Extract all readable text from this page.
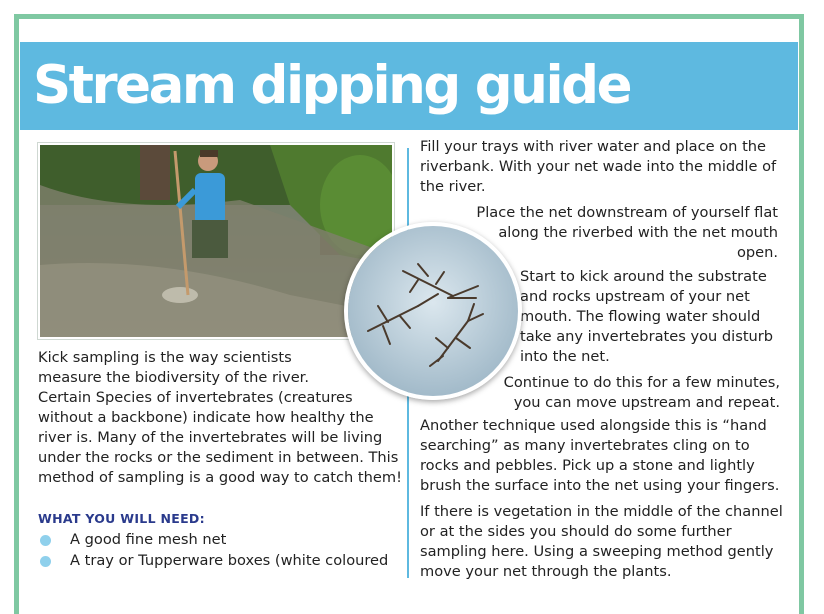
Stream dipping guide

Kick sampling is the way scientists
measure the biodiversity of the river.
Certain Species of invertebrates (creatures
without a backbone) indicate how healthy the
river is. Many of the invertebrates will be living
under the rocks or the sediment in between. This
method of sampling is a good way to catch them!

WHAT YOU WILL NEED:
A good fine mesh net
A tray or Tupperware boxes (white coloured

Fill your trays with river water and place on the
riverbank. With your net wade into the middle of
the river.

Place the net downstream of yourself flat
along the riverbed with the net mouth
open.

Start to kick around the substrate
and rocks upstream of your net
mouth. The flowing water should
take any invertebrates you disturb
into the net.

Continue to do this for a few minutes,
you can move upstream and repeat.

Another technique used alongside this is “hand
searching” as many invertebrates cling on to
rocks and pebbles. Pick up a stone and lightly
brush the surface into the net using your fingers.

If there is vegetation in the middle of the channel
or at the sides you should do some further
sampling here. Using a sweeping method gently
move your net through the plants.
